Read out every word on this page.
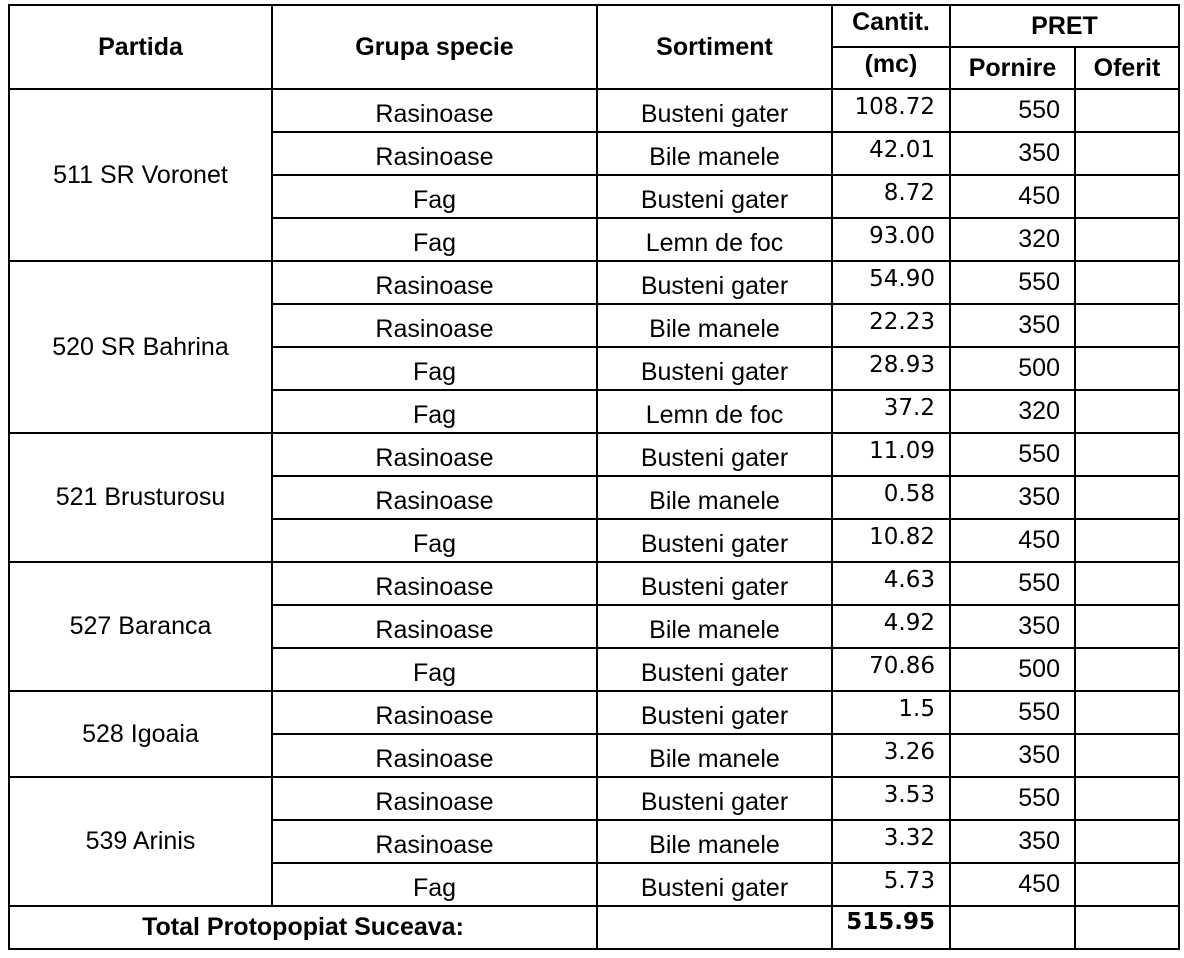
Partida	Grupa specie	Sortiment	Cantit.	PRET	
			(mc)	Pornire	Oferit
511 SR Voronet	Rasinoase	Busteni gater	108.72	550	
	Rasinoase	Bile manele	42.01	350	
	Fag	Busteni gater	8.72	450	
	Fag	Lemn de foc	93.00	320	
520 SR Bahrina	Rasinoase	Busteni gater	54.90	550	
	Rasinoase	Bile manele	22.23	350	
	Fag	Busteni gater	28.93	500	
	Fag	Lemn de foc	37.2	320	
521 Brusturosu	Rasinoase	Busteni gater	11.09	550	
	Rasinoase	Bile manele	0.58	350	
	Fag	Busteni gater	10.82	450	
527 Baranca	Rasinoase	Busteni gater	4.63	550	
	Rasinoase	Bile manele	4.92	350	
	Fag	Busteni gater	70.86	500	
528 Igoaia	Rasinoase	Busteni gater	1.5	550	
	Rasinoase	Bile manele	3.26	350	
539 Arinis	Rasinoase	Busteni gater	3.53	550	
	Rasinoase	Bile manele	3.32	350	
	Fag	Busteni gater	5.73	450	
Total Protopopiat Suceava:			515.95		
